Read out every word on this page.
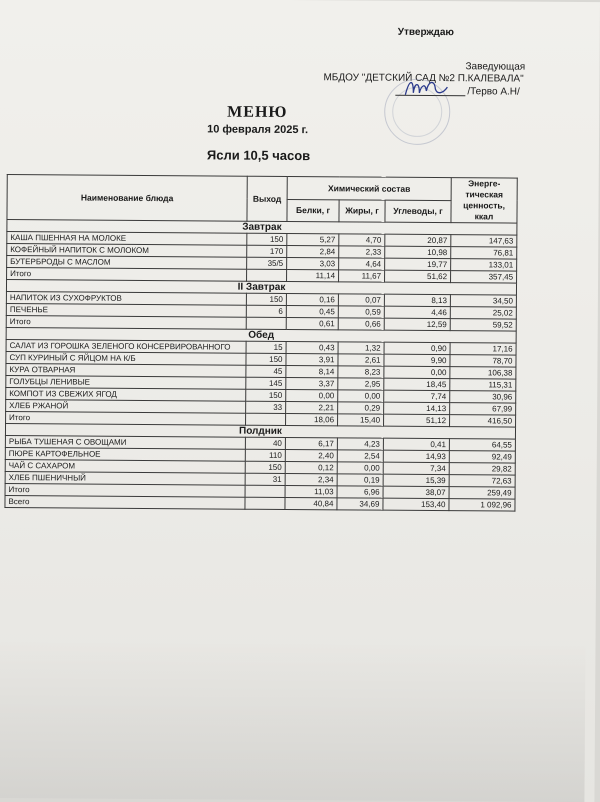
Утверждаю
Заведующая
МБДОУ "ДЕТСКИЙ САД №2 П.КАЛЕВАЛА"
/Терво А.Н/
МЕНЮ
10 февраля 2025 г.
Ясли 10,5 часов
Наименование блюда	Выход	Химический состав			Энерге-тическая ценность, ккал
		Белки, г	Жиры, г	Углеводы, г	
Завтрак					
КАША ПШЕННАЯ НА МОЛОКЕ	150	5,27	4,70	20,87	147,63
КОФЕЙНЫЙ НАПИТОК С МОЛОКОМ	170	2,84	2,33	10,98	76,81
БУТЕРБРОДЫ С МАСЛОМ	35/5	3,03	4,64	19,77	133,01
Итого		11,14	11,67	51,62	357,45
II Завтрак					
НАПИТОК ИЗ СУХОФРУКТОВ	150	0,16	0,07	8,13	34,50
ПЕЧЕНЬЕ	6	0,45	0,59	4,46	25,02
Итого		0,61	0,66	12,59	59,52
Обед					
САЛАТ ИЗ ГОРОШКА ЗЕЛЕНОГО КОНСЕРВИРОВАННОГО	15	0,43	1,32	0,90	17,16
СУП КУРИНЫЙ С ЯЙЦОМ НА К/Б	150	3,91	2,61	9,90	78,70
КУРА ОТВАРНАЯ	45	8,14	8,23	0,00	106,38
ГОЛУБЦЫ ЛЕНИВЫЕ	145	3,37	2,95	18,45	115,31
КОМПОТ ИЗ СВЕЖИХ ЯГОД	150	0,00	0,00	7,74	30,96
ХЛЕБ РЖАНОЙ	33	2,21	0,29	14,13	67,99
Итого		18,06	15,40	51,12	416,50
Полдник					
РЫБА ТУШЕНАЯ С ОВОЩАМИ	40	6,17	4,23	0,41	64,55
ПЮРЕ КАРТОФЕЛЬНОЕ	110	2,40	2,54	14,93	92,49
ЧАЙ С САХАРОМ	150	0,12	0,00	7,34	29,82
ХЛЕБ ПШЕНИЧНЫЙ	31	2,34	0,19	15,39	72,63
Итого		11,03	6,96	38,07	259,49
Всего		40,84	34,69	153,40	1 092,96
